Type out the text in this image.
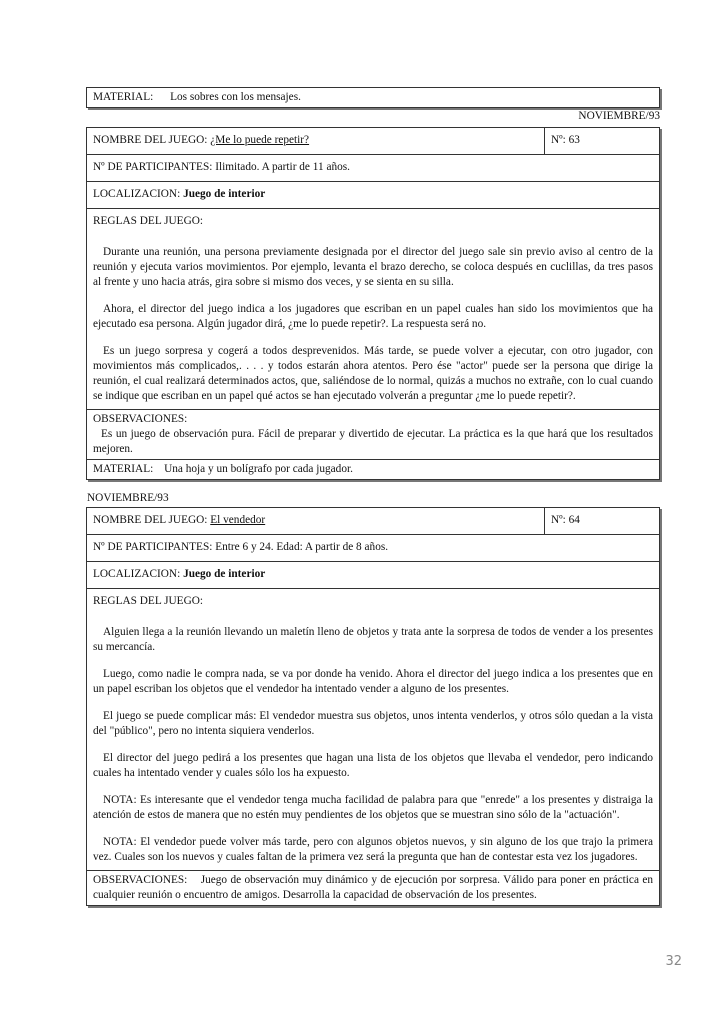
MATERIAL: Los sobres con los mensajes.
NOVIEMBRE/93
NOMBRE DEL JUEGO: ¿Me lo puede repetir?	Nº: 63
Nº DE PARTICIPANTES: Ilimitado. A partir de 11 años.
LOCALIZACION: Juego de interior
REGLAS DEL JUEGO:

Durante una reunión, una persona previamente designada por el director del juego sale sin previo aviso al centro de la reunión y ejecuta varios movimientos. Por ejemplo, levanta el brazo derecho, se coloca después en cuclillas, da tres pasos al frente y uno hacia atrás, gira sobre si mismo dos veces, y se sienta en su silla.

Ahora, el director del juego indica a los jugadores que escriban en un papel cuales han sido los movimientos que ha ejecutado esa persona. Algún jugador dirá, ¿me lo puede repetir?. La respuesta será no.

Es un juego sorpresa y cogerá a todos desprevenidos. Más tarde, se puede volver a ejecutar, con otro jugador, con movimientos más complicados,. . . . y todos estarán ahora atentos. Pero ése "actor" puede ser la persona que dirige la reunión, el cual realizará determinados actos, que, saliéndose de lo normal, quizás a muchos no extrañe, con lo cual cuando se indique que escriban en un papel qué actos se han ejecutado volverán a preguntar ¿me lo puede repetir?.

OBSERVACIONES:

Es un juego de observación pura. Fácil de preparar y divertido de ejecutar. La práctica es la que hará que los resultados mejoren.

MATERIAL: Una hoja y un bolígrafo por cada jugador.
NOVIEMBRE/93
NOMBRE DEL JUEGO: El vendedor	Nº: 64
Nº DE PARTICIPANTES: Entre 6 y 24. Edad: A partir de 8 años.
LOCALIZACION: Juego de interior
REGLAS DEL JUEGO:

Alguien llega a la reunión llevando un maletín lleno de objetos y trata ante la sorpresa de todos de vender a los presentes su mercancía.

Luego, como nadie le compra nada, se va por donde ha venido. Ahora el director del juego indica a los presentes que en un papel escriban los objetos que el vendedor ha intentado vender a alguno de los presentes.

El juego se puede complicar más: El vendedor muestra sus objetos, unos intenta venderlos, y otros sólo quedan a la vista del "público", pero no intenta siquiera venderlos.

El director del juego pedirá a los presentes que hagan una lista de los objetos que llevaba el vendedor, pero indicando cuales ha intentado vender y cuales sólo los ha expuesto.

NOTA: Es interesante que el vendedor tenga mucha facilidad de palabra para que "enrede" a los presentes y distraiga la atención de estos de manera que no estén muy pendientes de los objetos que se muestran sino sólo de la "actuación".

NOTA: El vendedor puede volver más tarde, pero con algunos objetos nuevos, y sin alguno de los que trajo la primera vez. Cuales son los nuevos y cuales faltan de la primera vez será la pregunta que han de contestar esta vez los jugadores.

OBSERVACIONES: Juego de observación muy dinámico y de ejecución por sorpresa. Válido para poner en práctica en cualquier reunión o encuentro de amigos. Desarrolla la capacidad de observación de los presentes.

32
